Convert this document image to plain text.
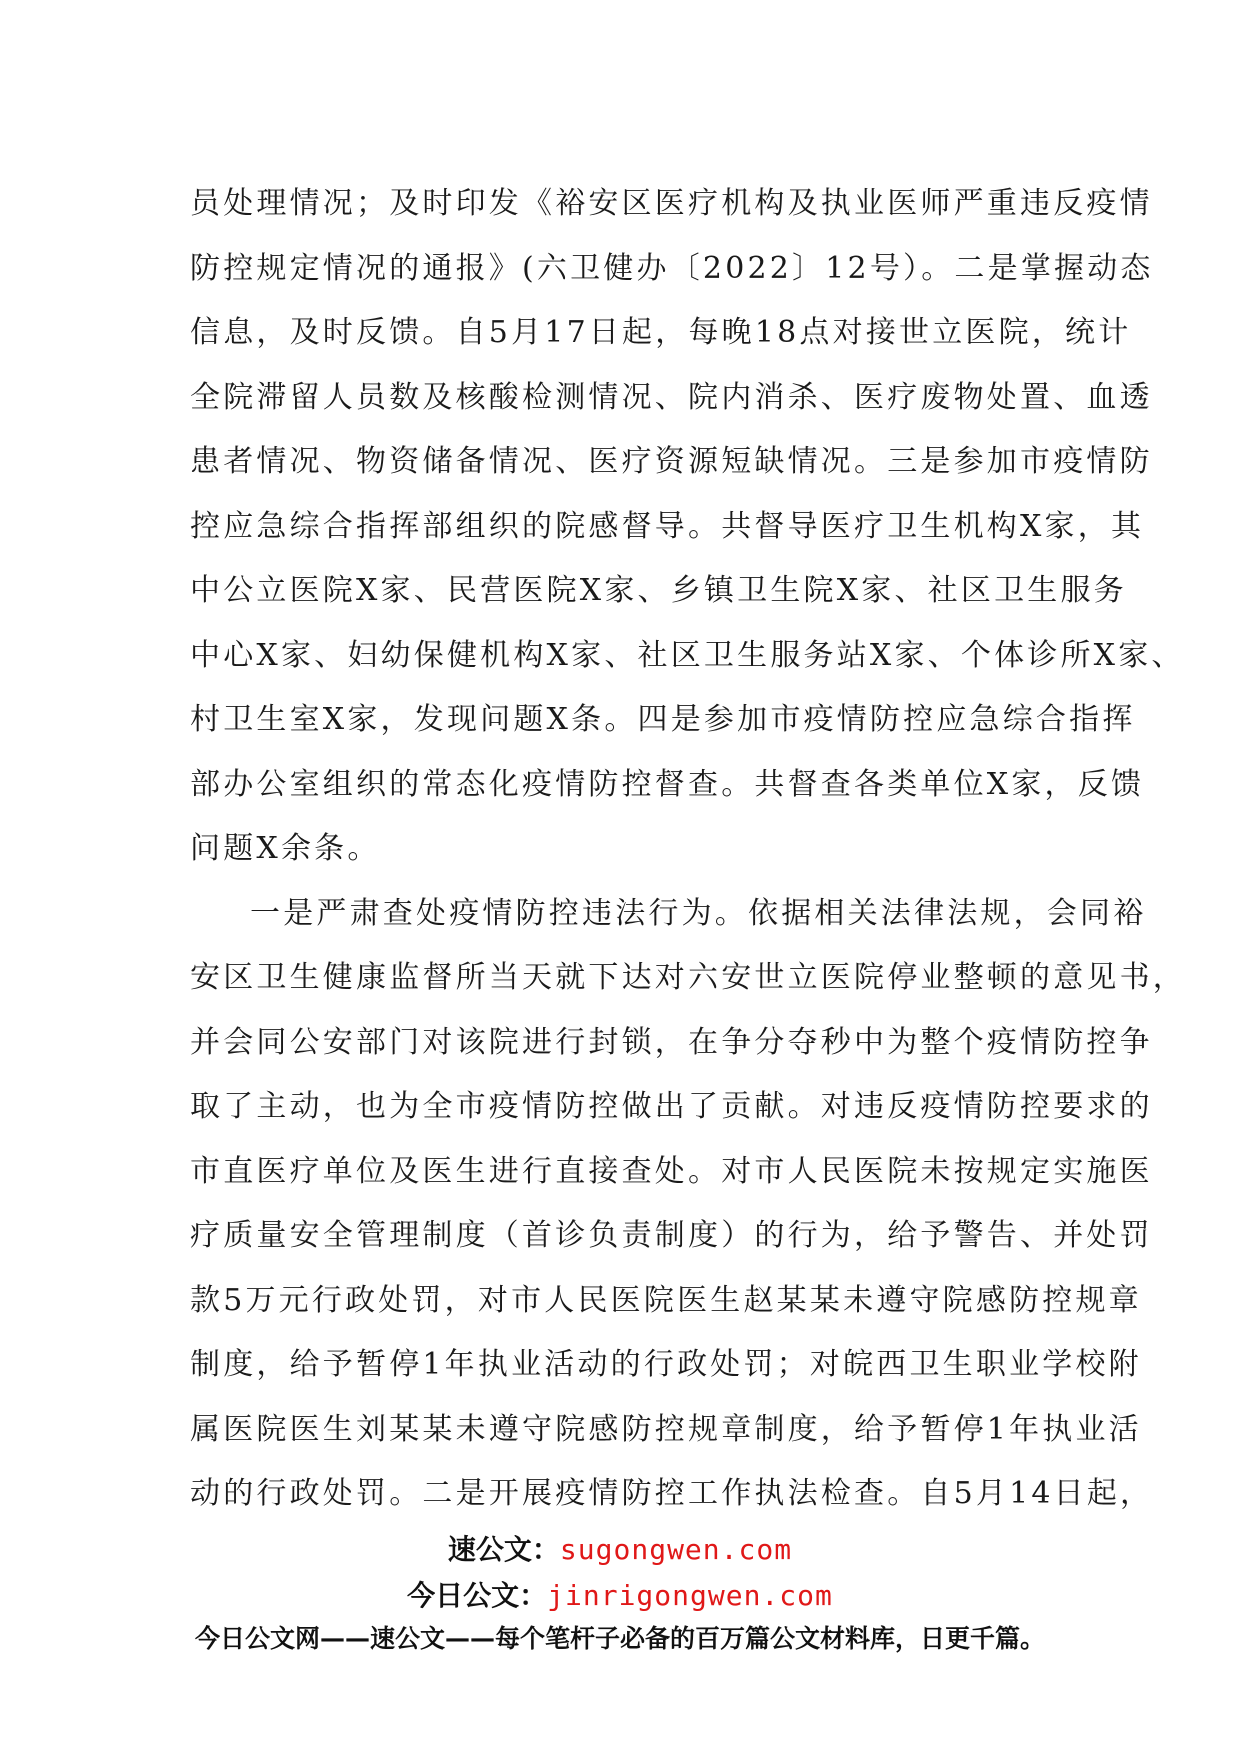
员处理情况；及时印发《裕安区医疗机构及执业医师严重违反疫情
防控规定情况的通报》(六卫健办〔2022〕12号）。二是掌握动态
信息，及时反馈。自5月17日起，每晚18点对接世立医院，统计
全院滞留人员数及核酸检测情况、院内消杀、医疗废物处置、血透
患者情况、物资储备情况、医疗资源短缺情况。三是参加市疫情防
控应急综合指挥部组织的院感督导。共督导医疗卫生机构X家，其
中公立医院X家、民营医院X家、乡镇卫生院X家、社区卫生服务
中心X家、妇幼保健机构X家、社区卫生服务站X家、个体诊所X家、
村卫生室X家，发现问题X条。四是参加市疫情防控应急综合指挥
部办公室组织的常态化疫情防控督查。共督查各类单位X家，反馈
问题X余条。
一是严肃查处疫情防控违法行为。依据相关法律法规，会同裕
安区卫生健康监督所当天就下达对六安世立医院停业整顿的意见书，
并会同公安部门对该院进行封锁，在争分夺秒中为整个疫情防控争
取了主动，也为全市疫情防控做出了贡献。对违反疫情防控要求的
市直医疗单位及医生进行直接查处。对市人民医院未按规定实施医
疗质量安全管理制度（首诊负责制度）的行为，给予警告、并处罚
款5万元行政处罚，对市人民医院医生赵某某未遵守院感防控规章
制度，给予暂停1年执业活动的行政处罚；对皖西卫生职业学校附
属医院医生刘某某未遵守院感防控规章制度，给予暂停1年执业活
动的行政处罚。二是开展疫情防控工作执法检查。自5月14日起，
速公文：sugongwen.com
今日公文：jinrigongwen.com
今日公文网——速公文——每个笔杆子必备的百万篇公文材料库，日更千篇。
